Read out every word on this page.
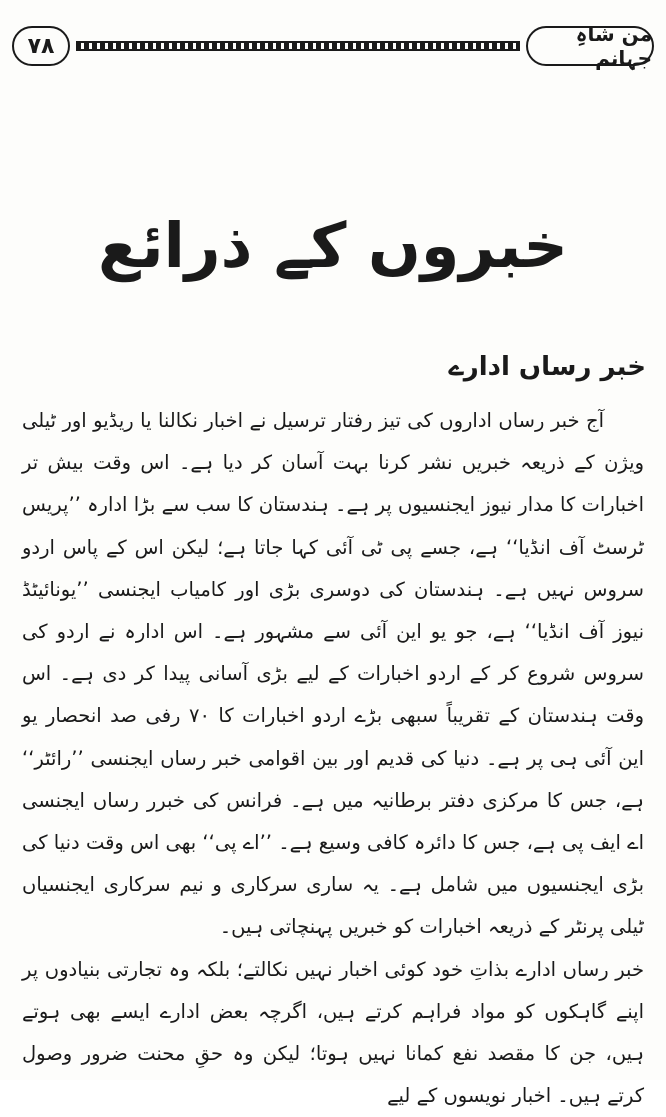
٧٨	من شاہِ جہانم
خبروں کے ذرائع
خبر رساں ادارے

آج خبر رساں اداروں کی تیز رفتار ترسیل نے اخبار نکالنا یا ریڈیو اور ٹیلی ویژن کے ذریعہ خبریں نشر کرنا بہت آسان کر دیا ہے۔ اس وقت بیش تر اخبارات کا مدار نیوز ایجنسیوں پر ہے۔ ہندستان کا سب سے بڑا ادارہ ’’پریس ٹرسٹ آف انڈیا‘‘ ہے، جسے پی ٹی آئی کہا جاتا ہے؛ لیکن اس کے پاس اردو سروس نہیں ہے۔ ہندستان کی دوسری بڑی اور کامیاب ایجنسی ’’یونائیٹڈ نیوز آف انڈیا‘‘ ہے، جو یو این آئی سے مشہور ہے۔ اس ادارہ نے اردو کی سروس شروع کر کے اردو اخبارات کے لیے بڑی آسانی پیدا کر دی ہے۔ اس وقت ہندستان کے تقریباً سبھی بڑے اردو اخبارات کا ۷۰ رفی صد انحصار یو این آئی ہی پر ہے۔ دنیا کی قدیم اور بین اقوامی خبر رساں ایجنسی ’’رائٹر‘‘ ہے، جس کا مرکزی دفتر برطانیہ میں ہے۔ فرانس کی خبرر رساں ایجنسی اے ایف پی ہے، جس کا دائرہ کافی وسیع ہے۔ ’’اے پی‘‘ بھی اس وقت دنیا کی بڑی ایجنسیوں میں شامل ہے۔ یہ ساری سرکاری و نیم سرکاری ایجنسیاں ٹیلی پرنٹر کے ذریعہ اخبارات کو خبریں پہنچاتی ہیں۔

خبر رساں ادارے بذاتِ خود کوئی اخبار نہیں نکالتے؛ بلکہ وہ تجارتی بنیادوں پر اپنے گاہکوں کو مواد فراہم کرتے ہیں، اگرچہ بعض ادارے ایسے بھی ہوتے ہیں، جن کا مقصد نفع کمانا نہیں ہوتا؛ لیکن وہ حقِ محنت ضرور وصول کرتے ہیں۔ اخبار نویسوں کے لیے
